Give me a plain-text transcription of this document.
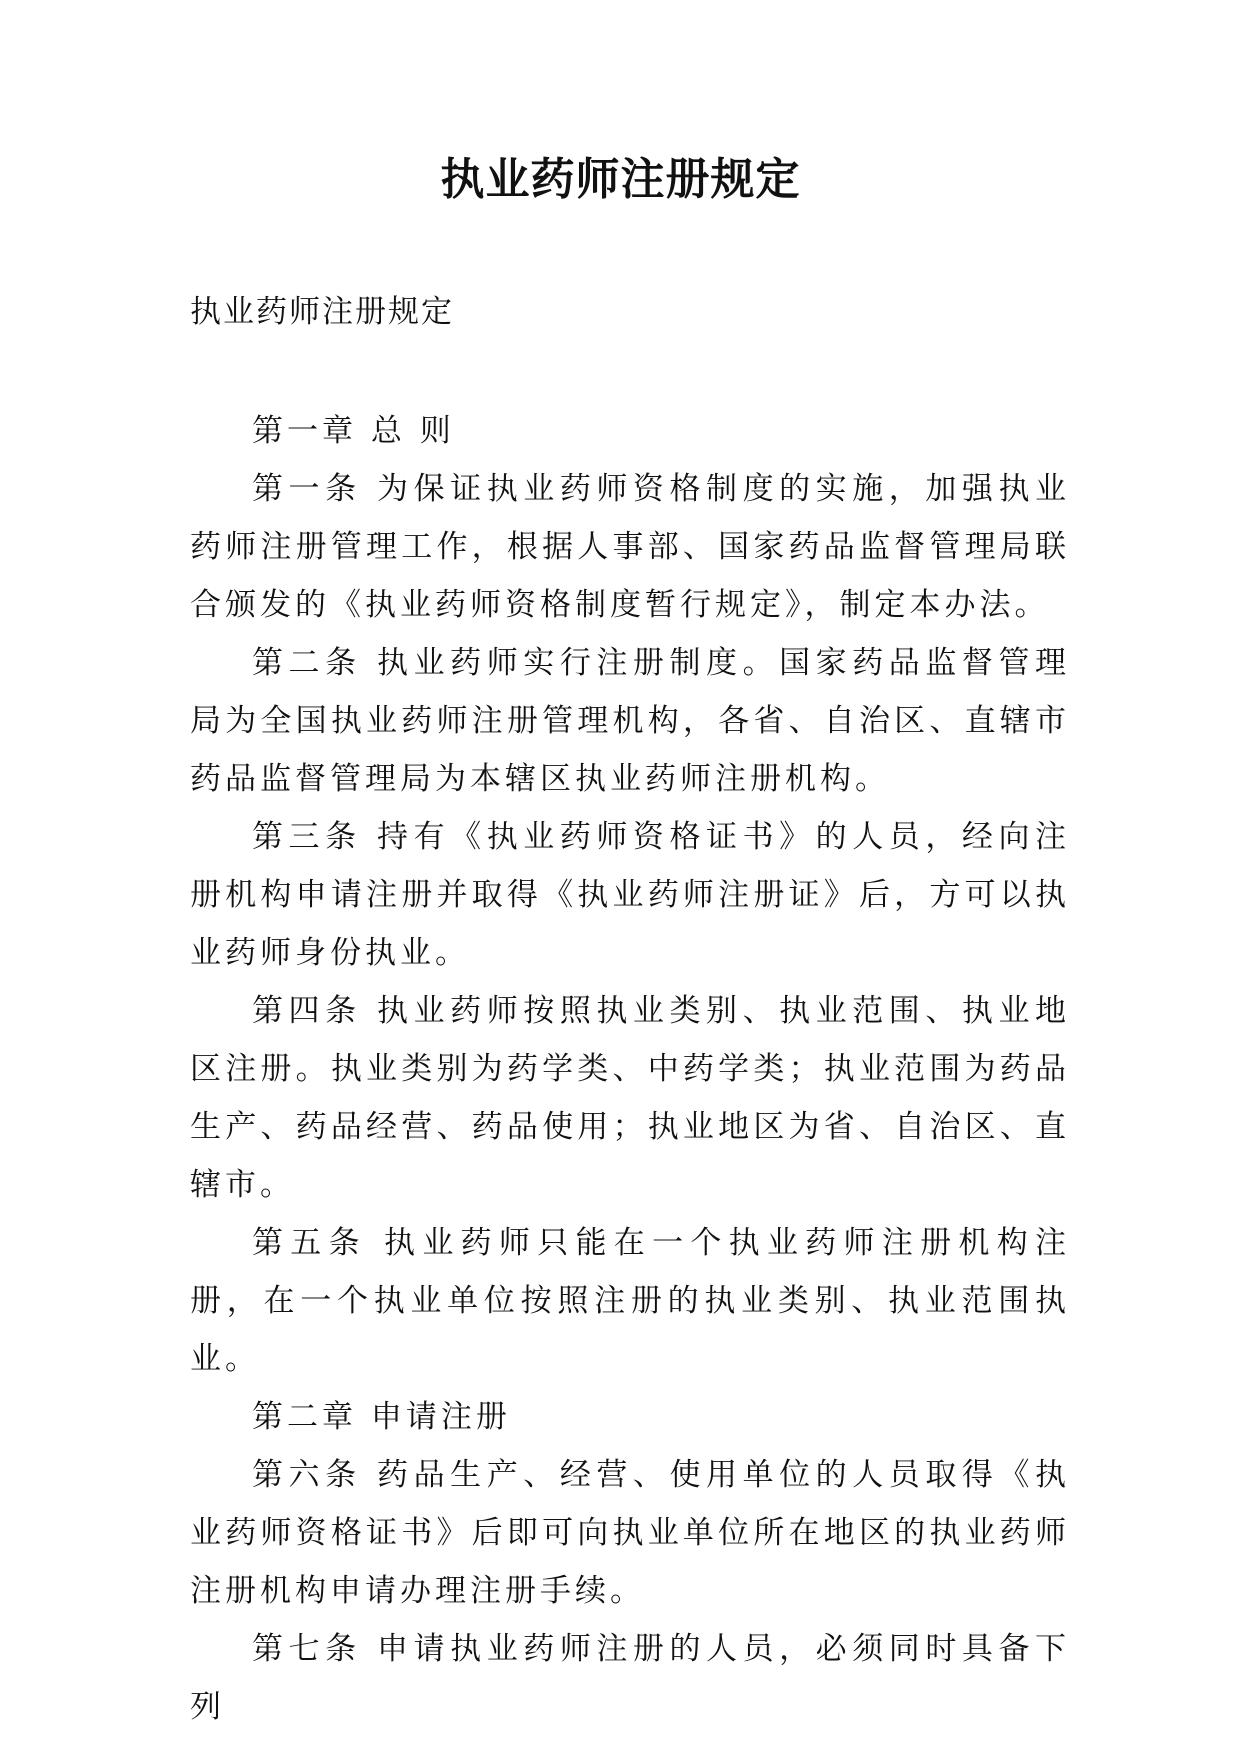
执业药师注册规定
执业药师注册规定

第一章 总 则

第一条 为保证执业药师资格制度的实施，加强执业药师注册管理工作，根据人事部、国家药品监督管理局联合颁发的《执业药师资格制度暂行规定》，制定本办法。

第二条 执业药师实行注册制度。国家药品监督管理局为全国执业药师注册管理机构，各省、自治区、直辖市药品监督管理局为本辖区执业药师注册机构。

第三条 持有《执业药师资格证书》的人员，经向注册机构申请注册并取得《执业药师注册证》后，方可以执业药师身份执业。

第四条 执业药师按照执业类别、执业范围、执业地区注册。执业类别为药学类、中药学类；执业范围为药品生产、药品经营、药品使用；执业地区为省、自治区、直辖市。

第五条 执业药师只能在一个执业药师注册机构注册，在一个执业单位按照注册的执业类别、执业范围执业。

第二章 申请注册

第六条 药品生产、经营、使用单位的人员取得《执业药师资格证书》后即可向执业单位所在地区的执业药师注册机构申请办理注册手续。

第七条 申请执业药师注册的人员，必须同时具备下列
